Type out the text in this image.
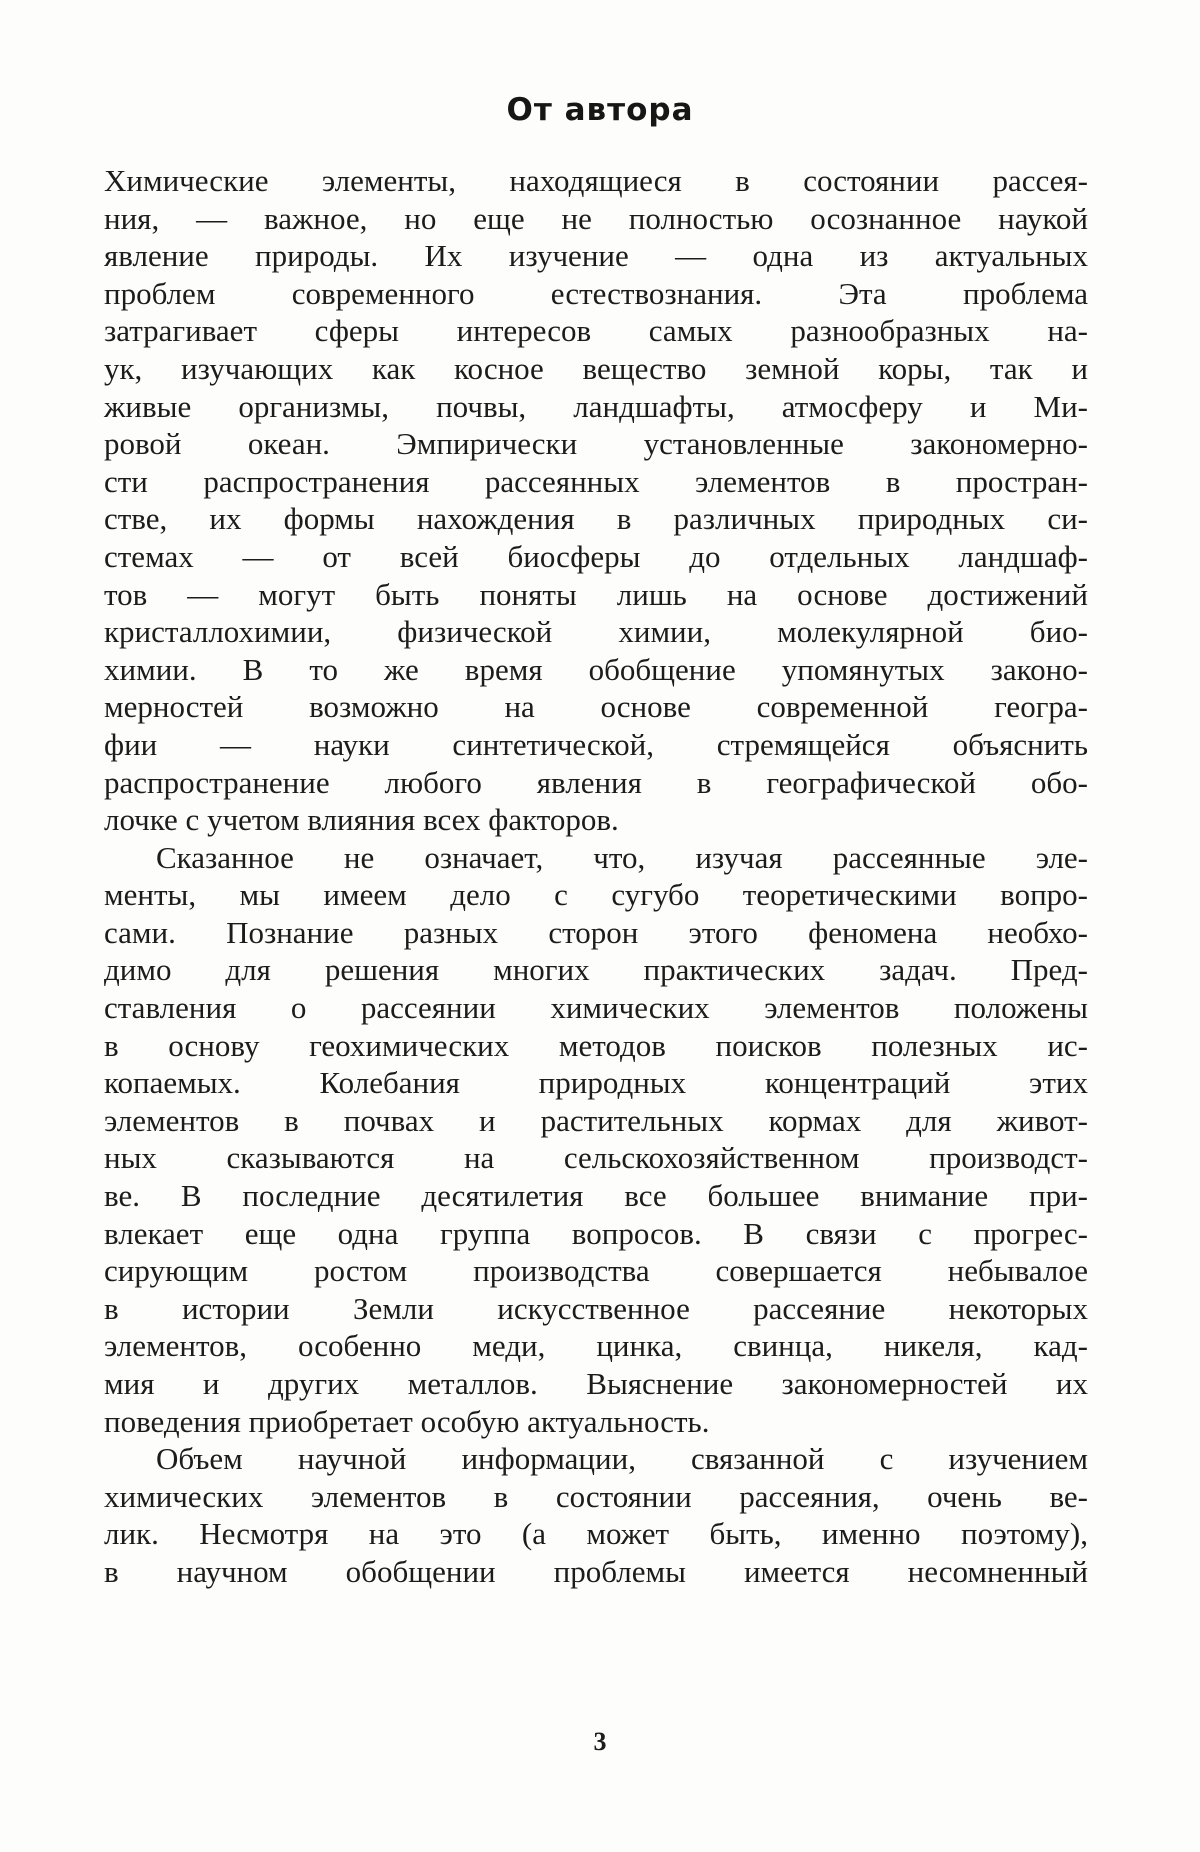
От автора

Химические элементы, находящиеся в состоянии рассея-
ния, — важное, но еще не полностью осознанное наукой
явление природы. Их изучение — одна из актуальных
проблем современного естествознания. Эта проблема
затрагивает сферы интересов самых разнообразных на-
ук, изучающих как косное вещество земной коры, так и
живые организмы, почвы, ландшафты, атмосферу и Ми-
ровой океан. Эмпирически установленные закономерно-
сти распространения рассеянных элементов в простран-
стве, их формы нахождения в различных природных си-
стемах — от всей биосферы до отдельных ландшаф-
тов — могут быть поняты лишь на основе достижений
кристаллохимии, физической химии, молекулярной био-
химии. В то же время обобщение упомянутых законо-
мерностей возможно на основе современной геогра-
фии — науки синтетической, стремящейся объяснить
распространение любого явления в географической обо-
лочке с учетом влияния всех факторов.

Сказанное не означает, что, изучая рассеянные эле-
менты, мы имеем дело с сугубо теоретическими вопро-
сами. Познание разных сторон этого феномена необхо-
димо для решения многих практических задач. Пред-
ставления о рассеянии химических элементов положены
в основу геохимических методов поисков полезных ис-
копаемых. Колебания природных концентраций этих
элементов в почвах и растительных кормах для живот-
ных сказываются на сельскохозяйственном производст-
ве. В последние десятилетия все большее внимание при-
влекает еще одна группа вопросов. В связи с прогрес-
сирующим ростом производства совершается небывалое
в истории Земли искусственное рассеяние некоторых
элементов, особенно меди, цинка, свинца, никеля, кад-
мия и других металлов. Выяснение закономерностей их
поведения приобретает особую актуальность.

Объем научной информации, связанной с изучением
химических элементов в состоянии рассеяния, очень ве-
лик. Несмотря на это (а может быть, именно поэтому),
в научном обобщении проблемы имеется несомненный

3
